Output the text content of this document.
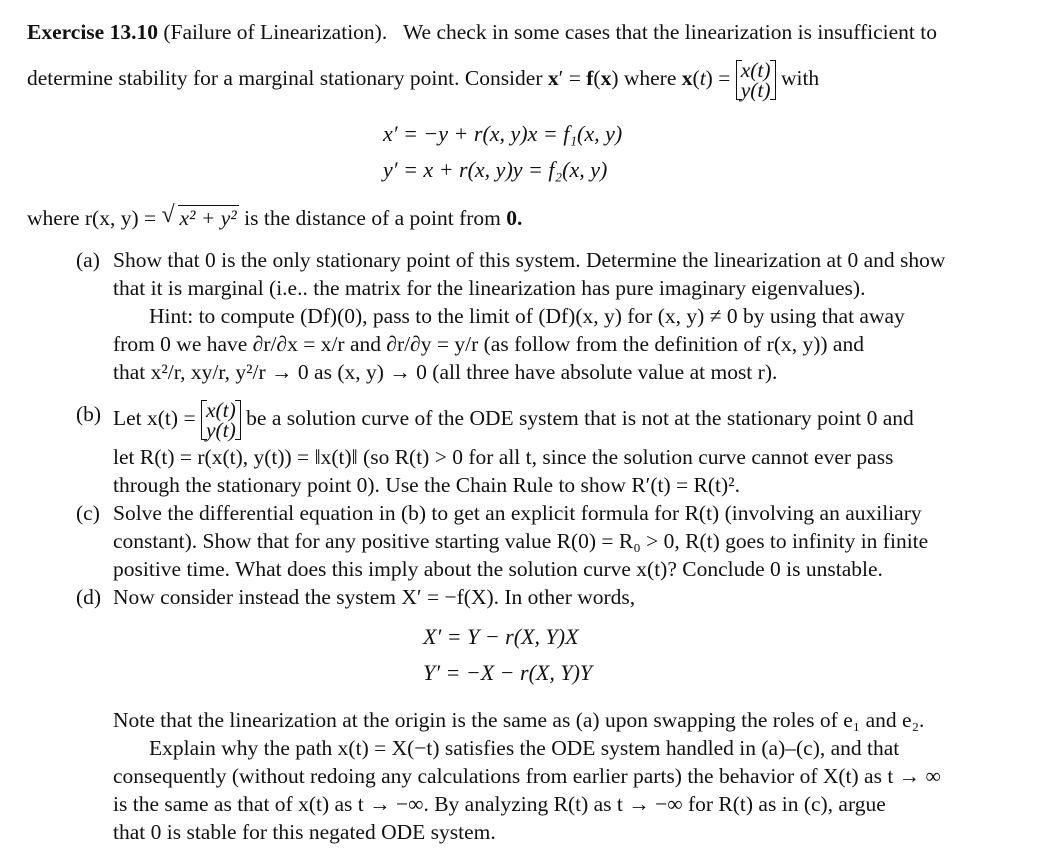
Exercise 13.10 (Failure of Linearization). We check in some cases that the linearization is insufficient to
determine stability for a marginal stationary point. Consider x′ = f(x) where x(t) = x(t)
y(t)
with
x′ = −y + r(x, y)x = f₁(x, y)
y′ = x + r(x, y)y = f₂(x, y)
where r(x, y) = √ x² + y² is the distance of a point from 0.
(a) Show that 0 is the only stationary point of this system. Determine the linearization at 0 and show
that it is marginal (i.e.. the matrix for the linearization has pure imaginary eigenvalues).
Hint: to compute (Df)(0), pass to the limit of (Df)(x, y) for (x, y) ≠ 0 by using that away
from 0 we have ∂r/∂x = x/r and ∂r/∂y = y/r (as follow from the definition of r(x, y)) and
that x²/r, xy/r, y²/r → 0 as (x, y) → 0 (all three have absolute value at most r).
(b) Let x(t) = x(t)
y(t)
be a solution curve of the ODE system that is not at the stationary point 0 and
let R(t) = r(x(t), y(t)) = ‖x(t)‖ (so R(t) > 0 for all t, since the solution curve cannot ever pass
through the stationary point 0). Use the Chain Rule to show R′(t) = R(t)².
(c) Solve the differential equation in (b) to get an explicit formula for R(t) (involving an auxiliary
constant). Show that for any positive starting value R(0) = R₀ > 0, R(t) goes to infinity in finite
positive time. What does this imply about the solution curve x(t)? Conclude 0 is unstable.
(d) Now consider instead the system X′ = −f(X). In other words,
X′ = Y − r(X, Y)X
Y′ = −X − r(X, Y)Y
Note that the linearization at the origin is the same as (a) upon swapping the roles of e₁ and e₂.
Explain why the path x(t) = X(−t) satisfies the ODE system handled in (a)–(c), and that
consequently (without redoing any calculations from earlier parts) the behavior of X(t) as t → ∞
is the same as that of x(t) as t → −∞. By analyzing R(t) as t → −∞ for R(t) as in (c), argue
that 0 is stable for this negated ODE system.
